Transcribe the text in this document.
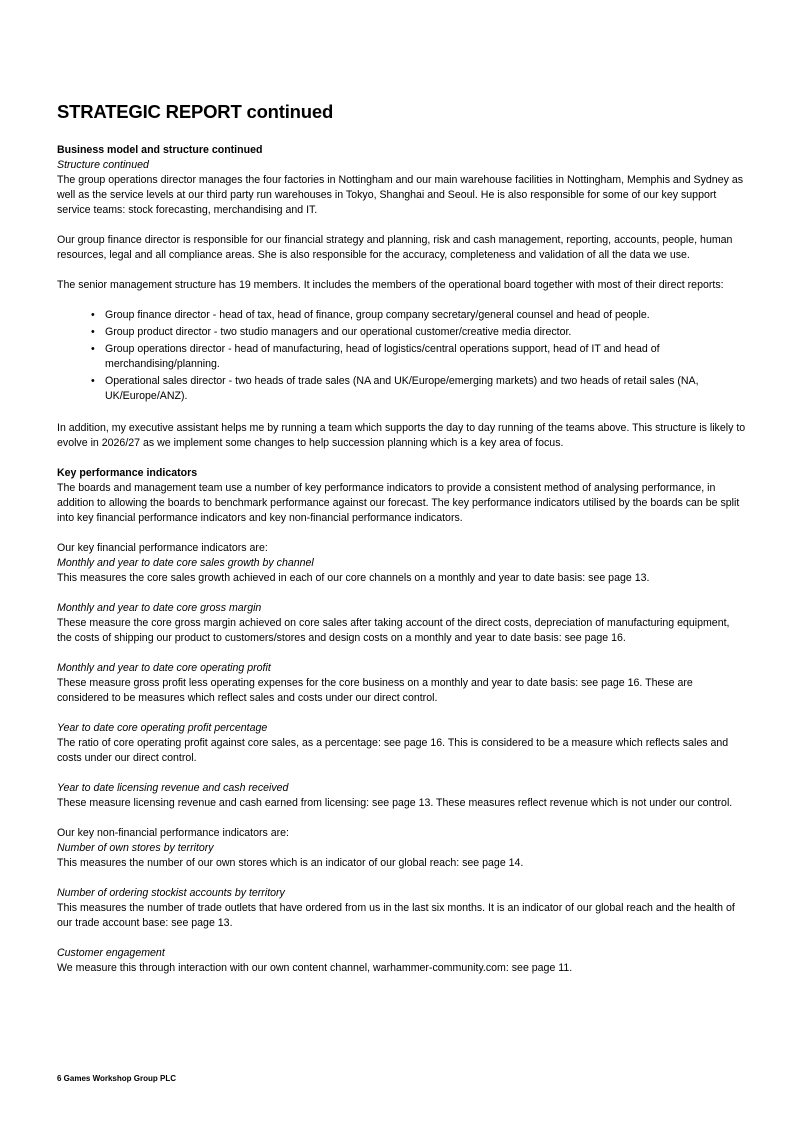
STRATEGIC REPORT continued

Business model and structure continued

Structure continued

The group operations director manages the four factories in Nottingham and our main warehouse facilities in Nottingham, Memphis and Sydney as well as the service levels at our third party run warehouses in Tokyo, Shanghai and Seoul. He is also responsible for some of our key support service teams: stock forecasting, merchandising and IT.

Our group finance director is responsible for our financial strategy and planning, risk and cash management, reporting, accounts, people, human resources, legal and all compliance areas. She is also responsible for the accuracy, completeness and validation of all the data we use.

The senior management structure has 19 members. It includes the members of the operational board together with most of their direct reports:

• Group finance director - head of tax, head of finance, group company secretary/general counsel and head of people.
• Group product director - two studio managers and our operational customer/creative media director.
• Group operations director - head of manufacturing, head of logistics/central operations support, head of IT and head of merchandising/planning.
• Operational sales director - two heads of trade sales (NA and UK/Europe/emerging markets) and two heads of retail sales (NA, UK/Europe/ANZ).

In addition, my executive assistant helps me by running a team which supports the day to day running of the teams above. This structure is likely to evolve in 2026/27 as we implement some changes to help succession planning which is a key area of focus.

Key performance indicators

The boards and management team use a number of key performance indicators to provide a consistent method of analysing performance, in addition to allowing the boards to benchmark performance against our forecast. The key performance indicators utilised by the boards can be split into key financial performance indicators and key non-financial performance indicators.

Our key financial performance indicators are:

Monthly and year to date core sales growth by channel

This measures the core sales growth achieved in each of our core channels on a monthly and year to date basis: see page 13.

Monthly and year to date core gross margin

These measure the core gross margin achieved on core sales after taking account of the direct costs, depreciation of manufacturing equipment, the costs of shipping our product to customers/stores and design costs on a monthly and year to date basis: see page 16.

Monthly and year to date core operating profit

These measure gross profit less operating expenses for the core business on a monthly and year to date basis: see page 16. These are considered to be measures which reflect sales and costs under our direct control.

Year to date core operating profit percentage

The ratio of core operating profit against core sales, as a percentage: see page 16. This is considered to be a measure which reflects sales and costs under our direct control.

Year to date licensing revenue and cash received

These measure licensing revenue and cash earned from licensing: see page 13. These measures reflect revenue which is not under our control.

Our key non-financial performance indicators are:

Number of own stores by territory

This measures the number of our own stores which is an indicator of our global reach: see page 14.

Number of ordering stockist accounts by territory

This measures the number of trade outlets that have ordered from us in the last six months. It is an indicator of our global reach and the health of our trade account base: see page 13.

Customer engagement

We measure this through interaction with our own content channel, warhammer-community.com: see page 11.

6 Games Workshop Group PLC
